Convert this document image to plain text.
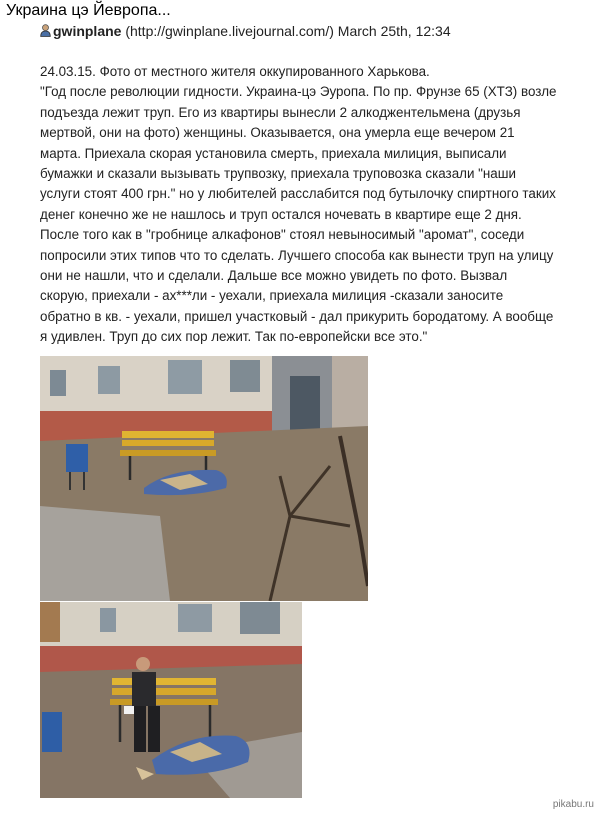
Украина цэ Йевропа...
gwinplane (http://gwinplane.livejournal.com/) March 25th, 12:34

24.03.15. Фото от местного жителя оккупированного Харькова.

"Год после революции гидности. Украина-цэ Эуропа. По пр. Фрунзе 65 (ХТЗ) возле

подъезда лежит труп. Его из квартиры вынесли 2 алкоджентельмена (друзья

мертвой, они на фото) женщины. Оказывается, она умерла еще вечером 21

марта. Приехала скорая установила смерть, приехала милиция, выписали

бумажки и сказали вызывать трупвозку, приехала труповозка сказали "наши

услуги стоят 400 грн." но у любителей расслабится под бутылочку спиртного таких

денег конечно же не нашлось и труп остался ночевать в квартире еще 2 дня.

После того как в "гробнице алкафонов" стоял невыносимый "аромат", соседи

попросили этих типов что то сделать. Лучшего способа как вынести труп на улицу

они не нашли, что и сделали. Дальше все можно увидеть по фото. Вызвал

скорую, приехали - ах***ли - уехали, приехала милиция -сказали заносите

обратно в кв. - уехали, пришел участковый - дал прикурить бородатому. А вообще

я удивлен. Труп до сих пор лежит. Так по-европейски все это."

pikabu.ru
